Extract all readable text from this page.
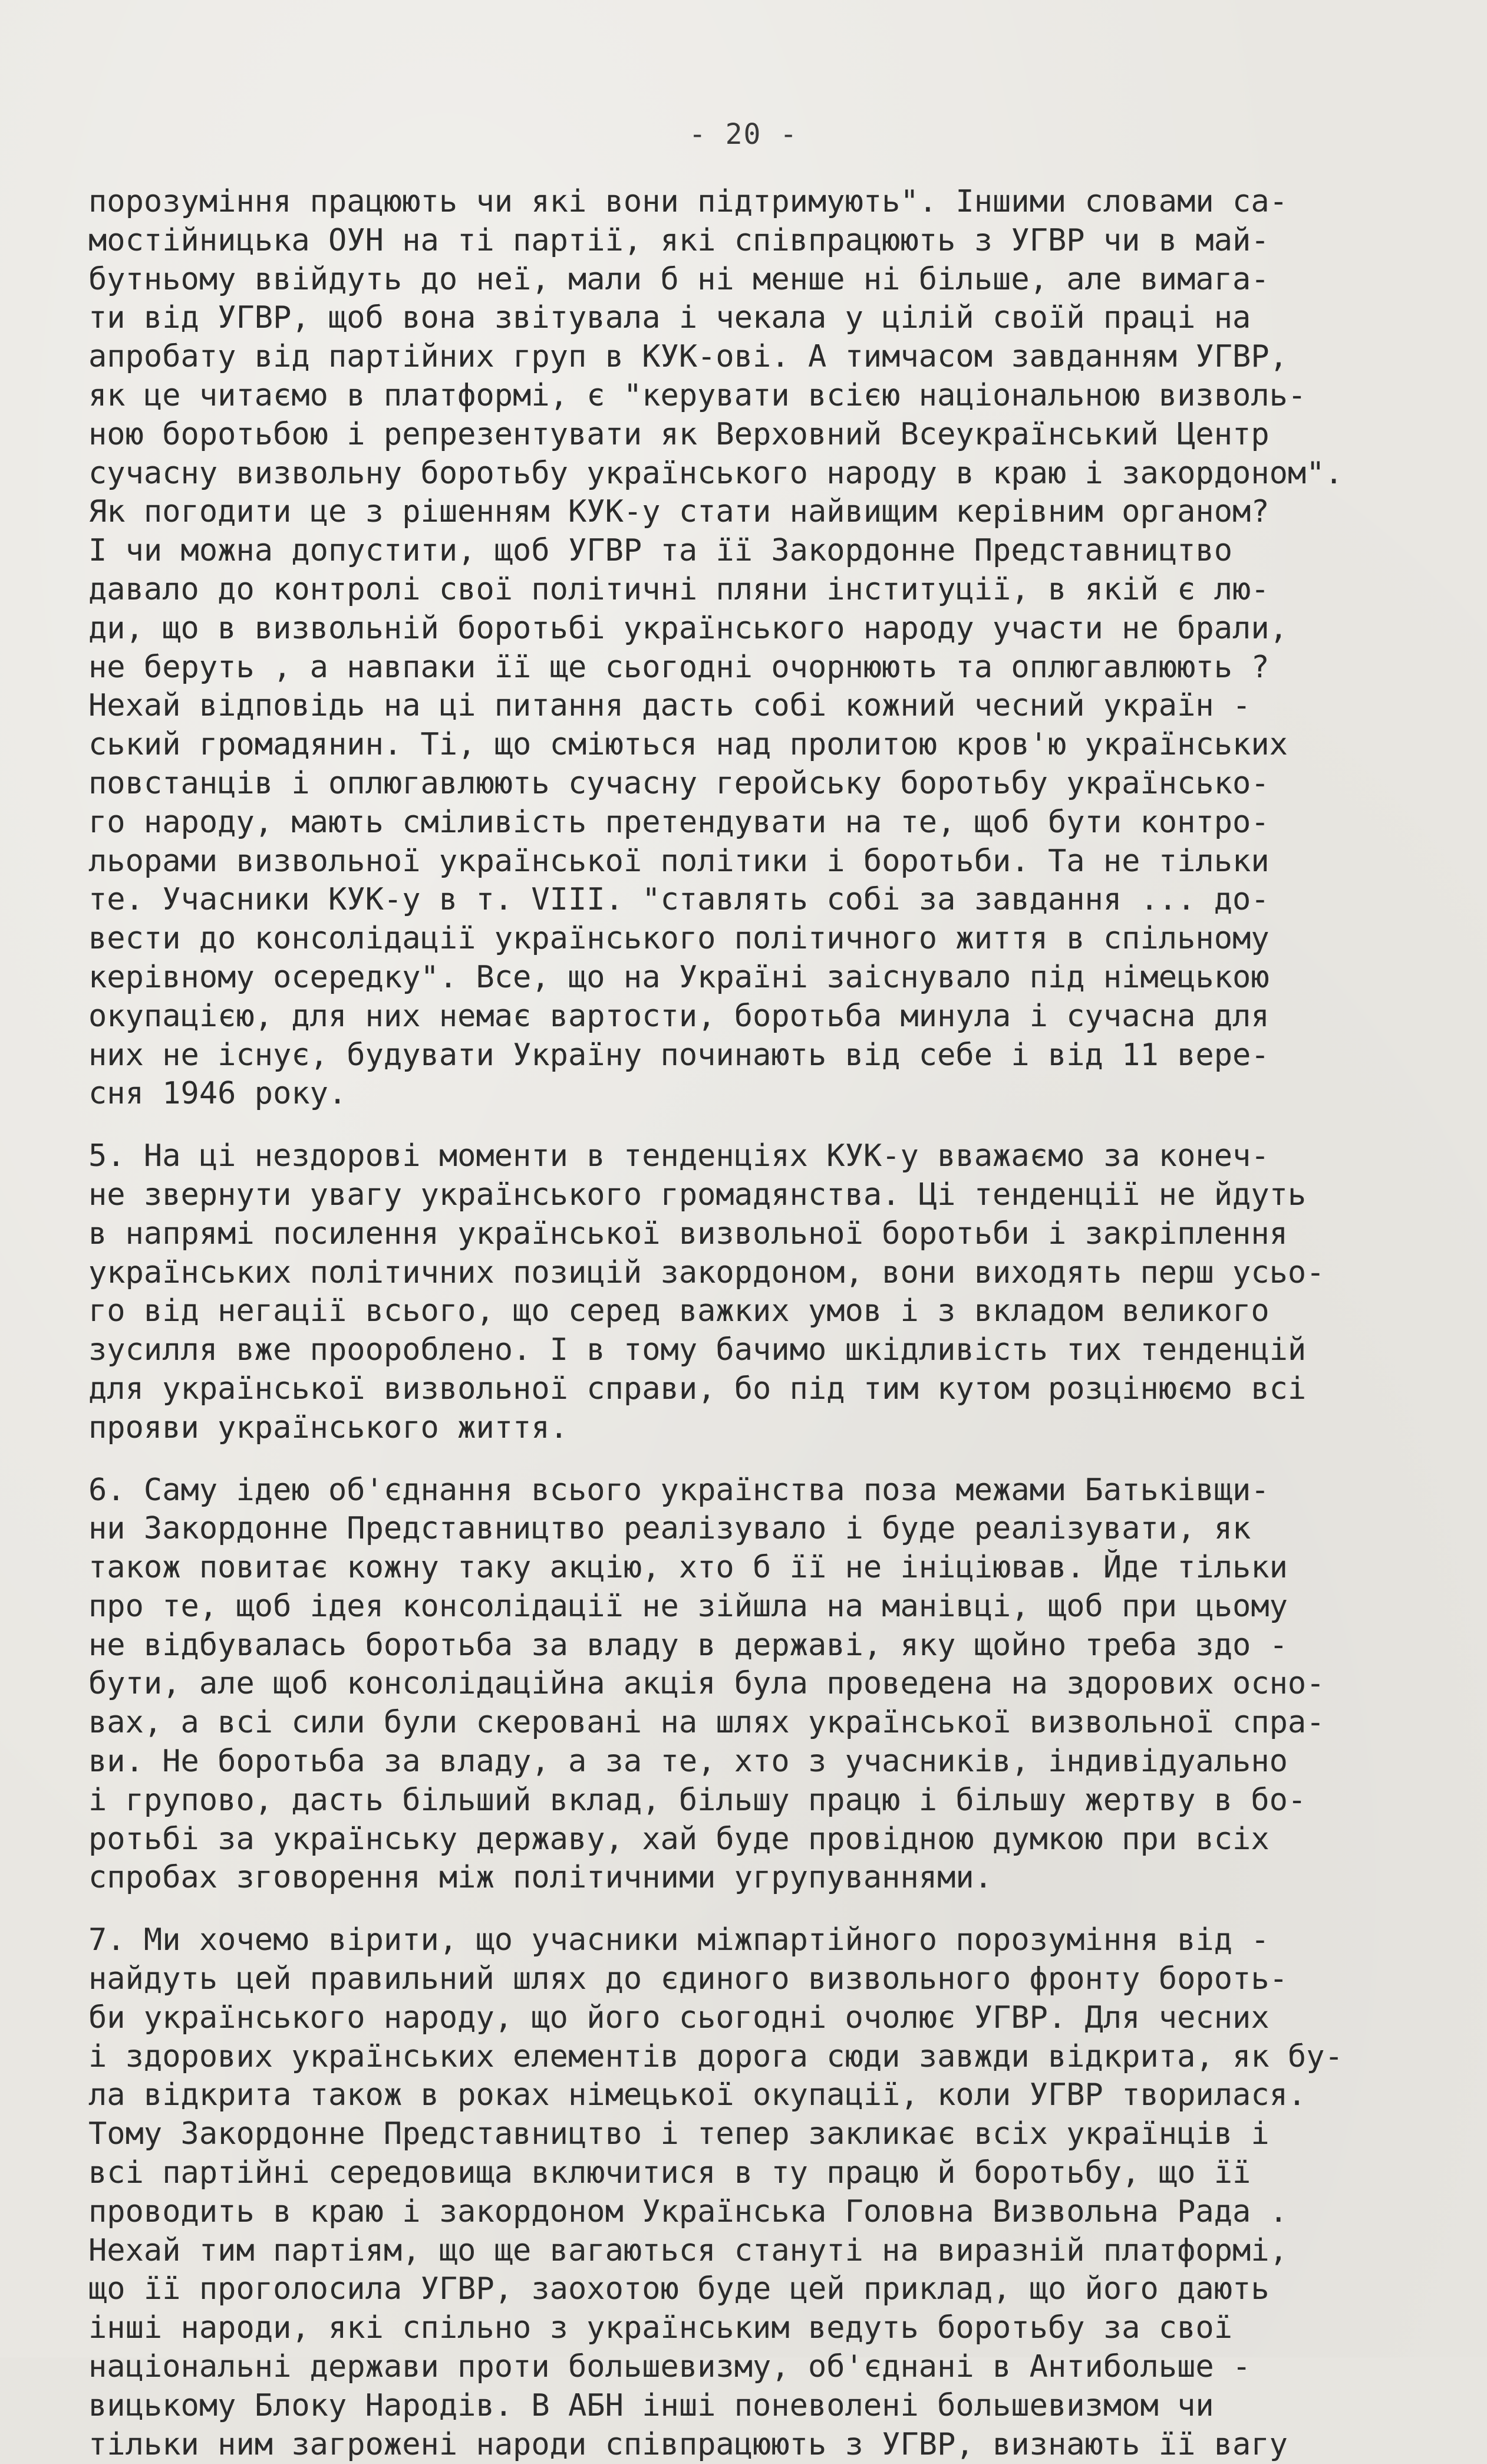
- 20 -
порозуміння працюють чи які вони підтримують". Іншими словами са-
мостійницька ОУН на ті партії, які співпрацюють з УГВР чи в май-
бутньому ввійдуть до неї, мали б ні менше ні більше, але вимага-
ти від УГВР, щоб вона звітувала і чекала у цілій своїй праці на
апробату від партійних груп в КУК-ові. А тимчасом завданням УГВР,
як це читаємо в платформі, є "керувати всією національною визволь-
ною боротьбою і репрезентувати як Верховний Всеукраїнський Центр
сучасну визвольну боротьбу українського народу в краю і закордоном".
Як погодити це з рішенням КУК-у стати найвищим керівним органом?
І чи можна допустити, щоб УГВР та її Закордонне Представництво
давало до контролі свої політичні пляни інституції, в якій є лю-
ди, що в визвольній боротьбі українського народу участи не брали,
не беруть , а навпаки її ще сьогодні очорнюють та оплюгавлюють ?
Нехай відповідь на ці питання дасть собі кожний чесний україн -
ський громадянин. Ті, що сміються над пролитою кров'ю українських
повстанців і оплюгавлюють сучасну геройську боротьбу українсько-
го народу, мають сміливість претендувати на те, щоб бути контро-
льорами визвольної української політики і боротьби. Та не тільки
те. Учасники КУК-у в т. VIII. "ставлять собі за завдання ... до-
вести до консолідації українського політичного життя в спільному
керівному осередку". Все, що на Україні заіснувало під німецькою
окупацією, для них немає вартости, боротьба минула і сучасна для
них не існує, будувати Україну починають від себе і від 11 вере-
сня 1946 року.
5. На ці нездорові моменти в тенденціях КУК-у вважаємо за конеч-
не звернути увагу українського громадянства. Ці тенденції не йдуть
в напрямі посилення української визвольної боротьби і закріплення
українських політичних позицій закордоном, вони виходять перш усьо-
го від негації всього, що серед важких умов і з вкладом великого
зусилля вже проороблено. І в тому бачимо шкідливість тих тенденцій
для української визвольної справи, бо під тим кутом розцінюємо всі
прояви українського життя.
6. Саму ідею об'єднання всього українства поза межами Батьківщи-
ни Закордонне Представництво реалізувало і буде реалізувати, як
також повитає кожну таку акцію, хто б її не ініціював. Йде тільки
про те, щоб ідея консолідації не зійшла на манівці, щоб при цьому
не відбувалась боротьба за владу в державі, яку щойно треба здо -
бути, але щоб консолідаційна акція була проведена на здорових осно-
вах, а всі сили були скеровані на шлях української визвольної спра-
ви. Не боротьба за владу, а за те, хто з учасників, індивідуально
і групово, дасть більший вклад, більшу працю і більшу жертву в бо-
ротьбі за українську державу, хай буде провідною думкою при всіх
спробах зговорення між політичними угрупуваннями.
7. Ми хочемо вірити, що учасники міжпартійного порозуміння від -
найдуть цей правильний шлях до єдиного визвольного фронту бороть-
би українського народу, що його сьогодні очолює УГВР. Для чесних
і здорових українських елементів дорога сюди завжди відкрита, як бу-
ла відкрита також в роках німецької окупації, коли УГВР творилася.
Тому Закордонне Представництво і тепер закликає всіх українців і
всі партійні середовища включитися в ту працю й боротьбу, що її
проводить в краю і закордоном Українська Головна Визвольна Рада .
Нехай тим партіям, що ще вагаються стануті на виразній платформі,
що її проголосила УГВР, заохотою буде цей приклад, що його дають
інші народи, які спільно з українським ведуть боротьбу за свої
національні держави проти большевизму, об'єднані в Антибольше -
вицькому Блоку Народів. В АБН інші поневолені большевизмом чи
тільки ним загрожені народи співпрацюють з УГВР, визнають її вагу
